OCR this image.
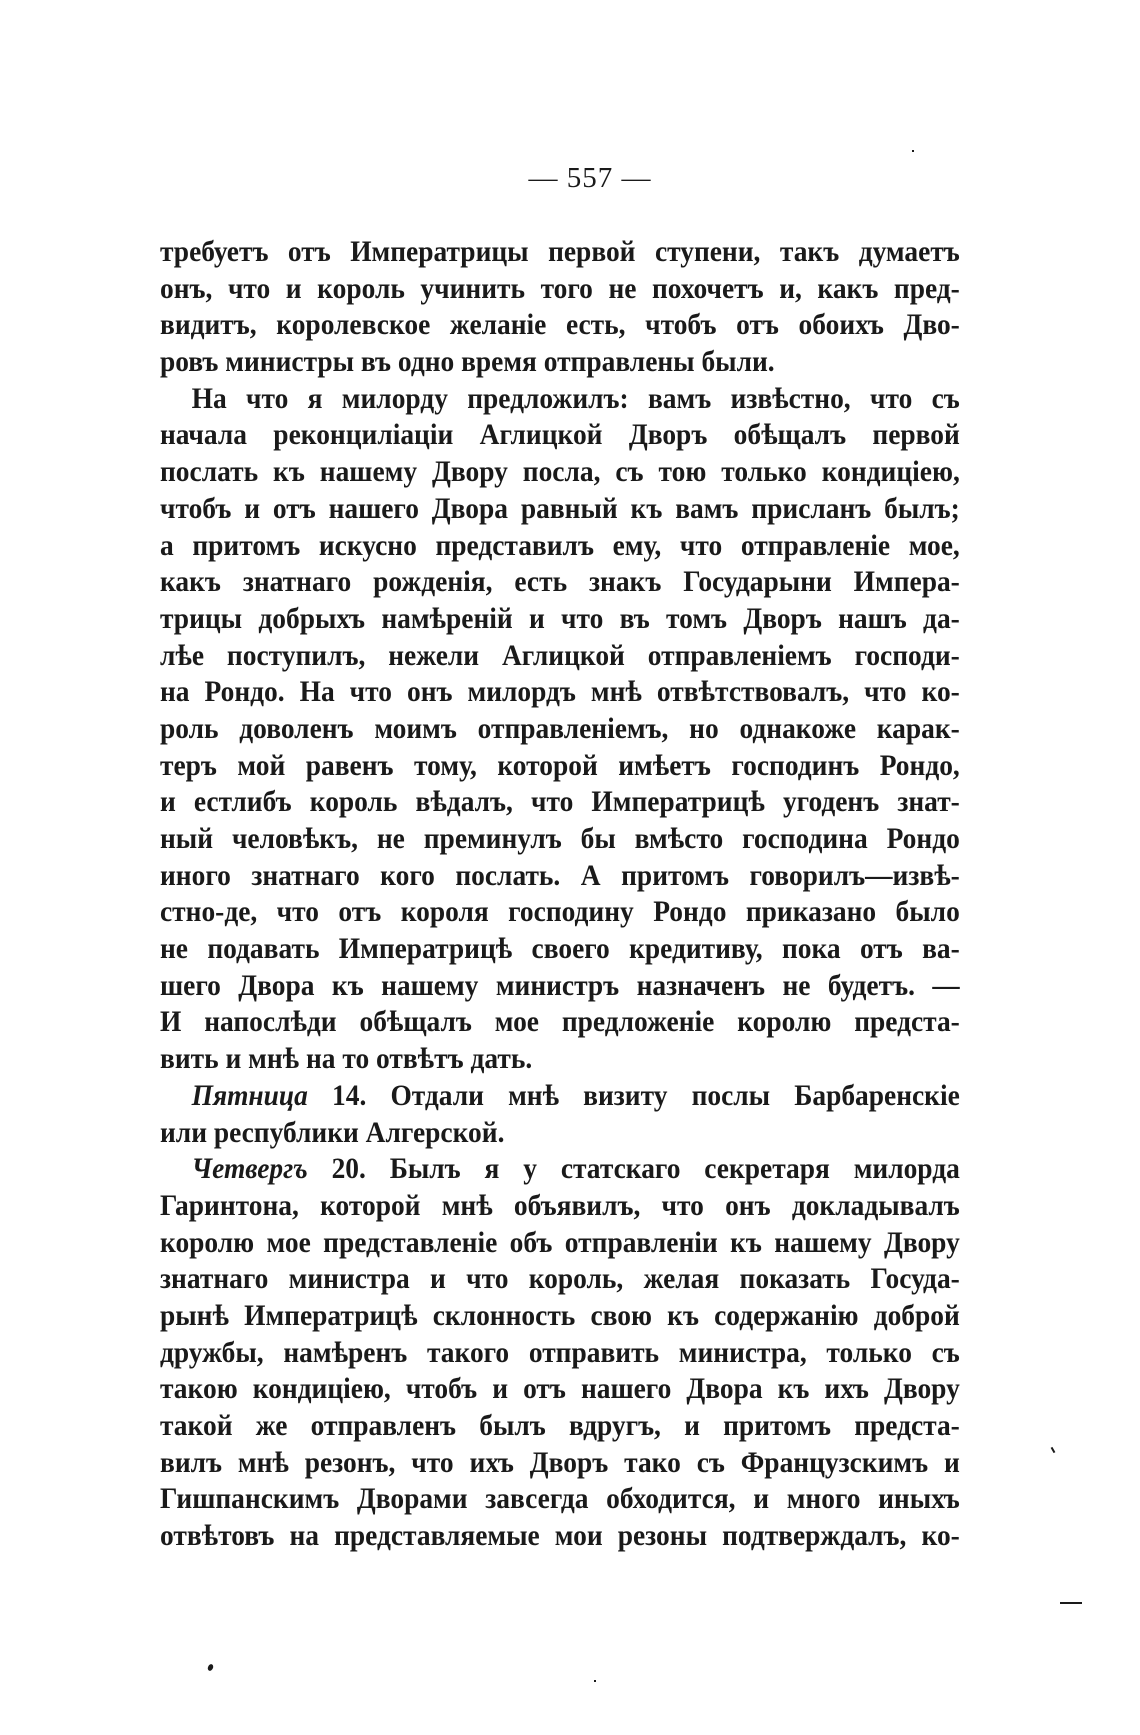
— 557 —
требуетъ отъ Императрицы первой ступени, такъ думаетъ
онъ, что и король учинить того не похочетъ и, какъ пред-
видитъ, королевское желаніе есть, чтобъ отъ обоихъ Дво-
ровъ министры въ одно время отправлены были.
На что я милорду предложилъ: вамъ извѣстно, что съ
начала реконциліаціи Аглицкой Дворъ обѣщалъ первой
послать къ нашему Двору посла, съ тою только кондиціею,
чтобъ и отъ нашего Двора равный къ вамъ присланъ былъ;
а притомъ искусно представилъ ему, что отправленіе мое,
какъ знатнаго рожденія, есть знакъ Государыни Импера-
трицы добрыхъ намѣреній и что въ томъ Дворъ нашъ да-
лѣе поступилъ, нежели Аглицкой отправленіемъ господи-
на Рондо. На что онъ милордъ мнѣ отвѣтствовалъ, что ко-
роль доволенъ моимъ отправленіемъ, но однакоже карак-
теръ мой равенъ тому, которой имѣетъ господинъ Рондо,
и естлибъ король вѣдалъ, что Императрицѣ угоденъ знат-
ный человѣкъ, не преминулъ бы вмѣсто господина Рондо
иного знатнаго кого послать. А притомъ говорилъ—извѣ-
стно-де, что отъ короля господину Рондо приказано было
не подавать Императрицѣ своего кредитиву, пока отъ ва-
шего Двора къ нашему министръ назначенъ не будетъ. —
И напослѣди обѣщалъ мое предложеніе королю предста-
вить и мнѣ на то отвѣтъ дать.
Пятница 14. Отдали мнѣ визиту послы Барбаренскіе
или республики Алгерской.
Четвергъ 20. Былъ я у статскаго секретаря милорда
Гаринтона, которой мнѣ объявилъ, что онъ докладывалъ
королю мое представленіе объ отправленіи къ нашему Двору
знатнаго министра и что король, желая показать Госуда-
рынѣ Императрицѣ склонность свою къ содержанію доброй
дружбы, намѣренъ такого отправить министра, только съ
такою кондиціею, чтобъ и отъ нашего Двора къ ихъ Двору
такой же отправленъ былъ вдругъ, и притомъ предста-
вилъ мнѣ резонъ, что ихъ Дворъ тако съ Французскимъ и
Гишпанскимъ Дворами завсегда обходится, и много иныхъ
отвѣтовъ на представляемые мои резоны подтверждалъ, ко-
